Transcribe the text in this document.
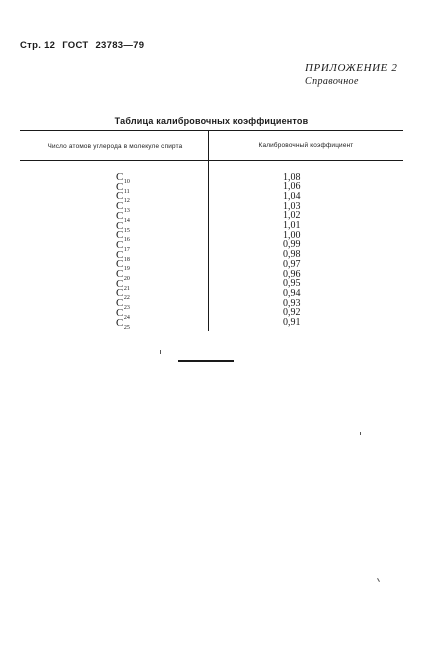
Стр. 12 ГОСТ 23783—79
ПРИЛОЖЕНИЕ 2
Справочное
Таблица калибровочных коэффициентов
Число атомов углерода в молекуле спирта	Калибровочный коэффициент
$C_{10}$	1,08
$C_{11}$	1,06
$C_{12}$	1,04
$C_{13}$	1,03
$C_{14}$	1,02
$C_{15}$	1,01
$C_{16}$	1,00
$C_{17}$	0,99
$C_{18}$	0,98
$C_{19}$	0,97
$C_{20}$	0,96
$C_{21}$	0,95
$C_{22}$	0,94
$C_{23}$	0,93
$C_{24}$	0,92
$C_{25}$	0,91
